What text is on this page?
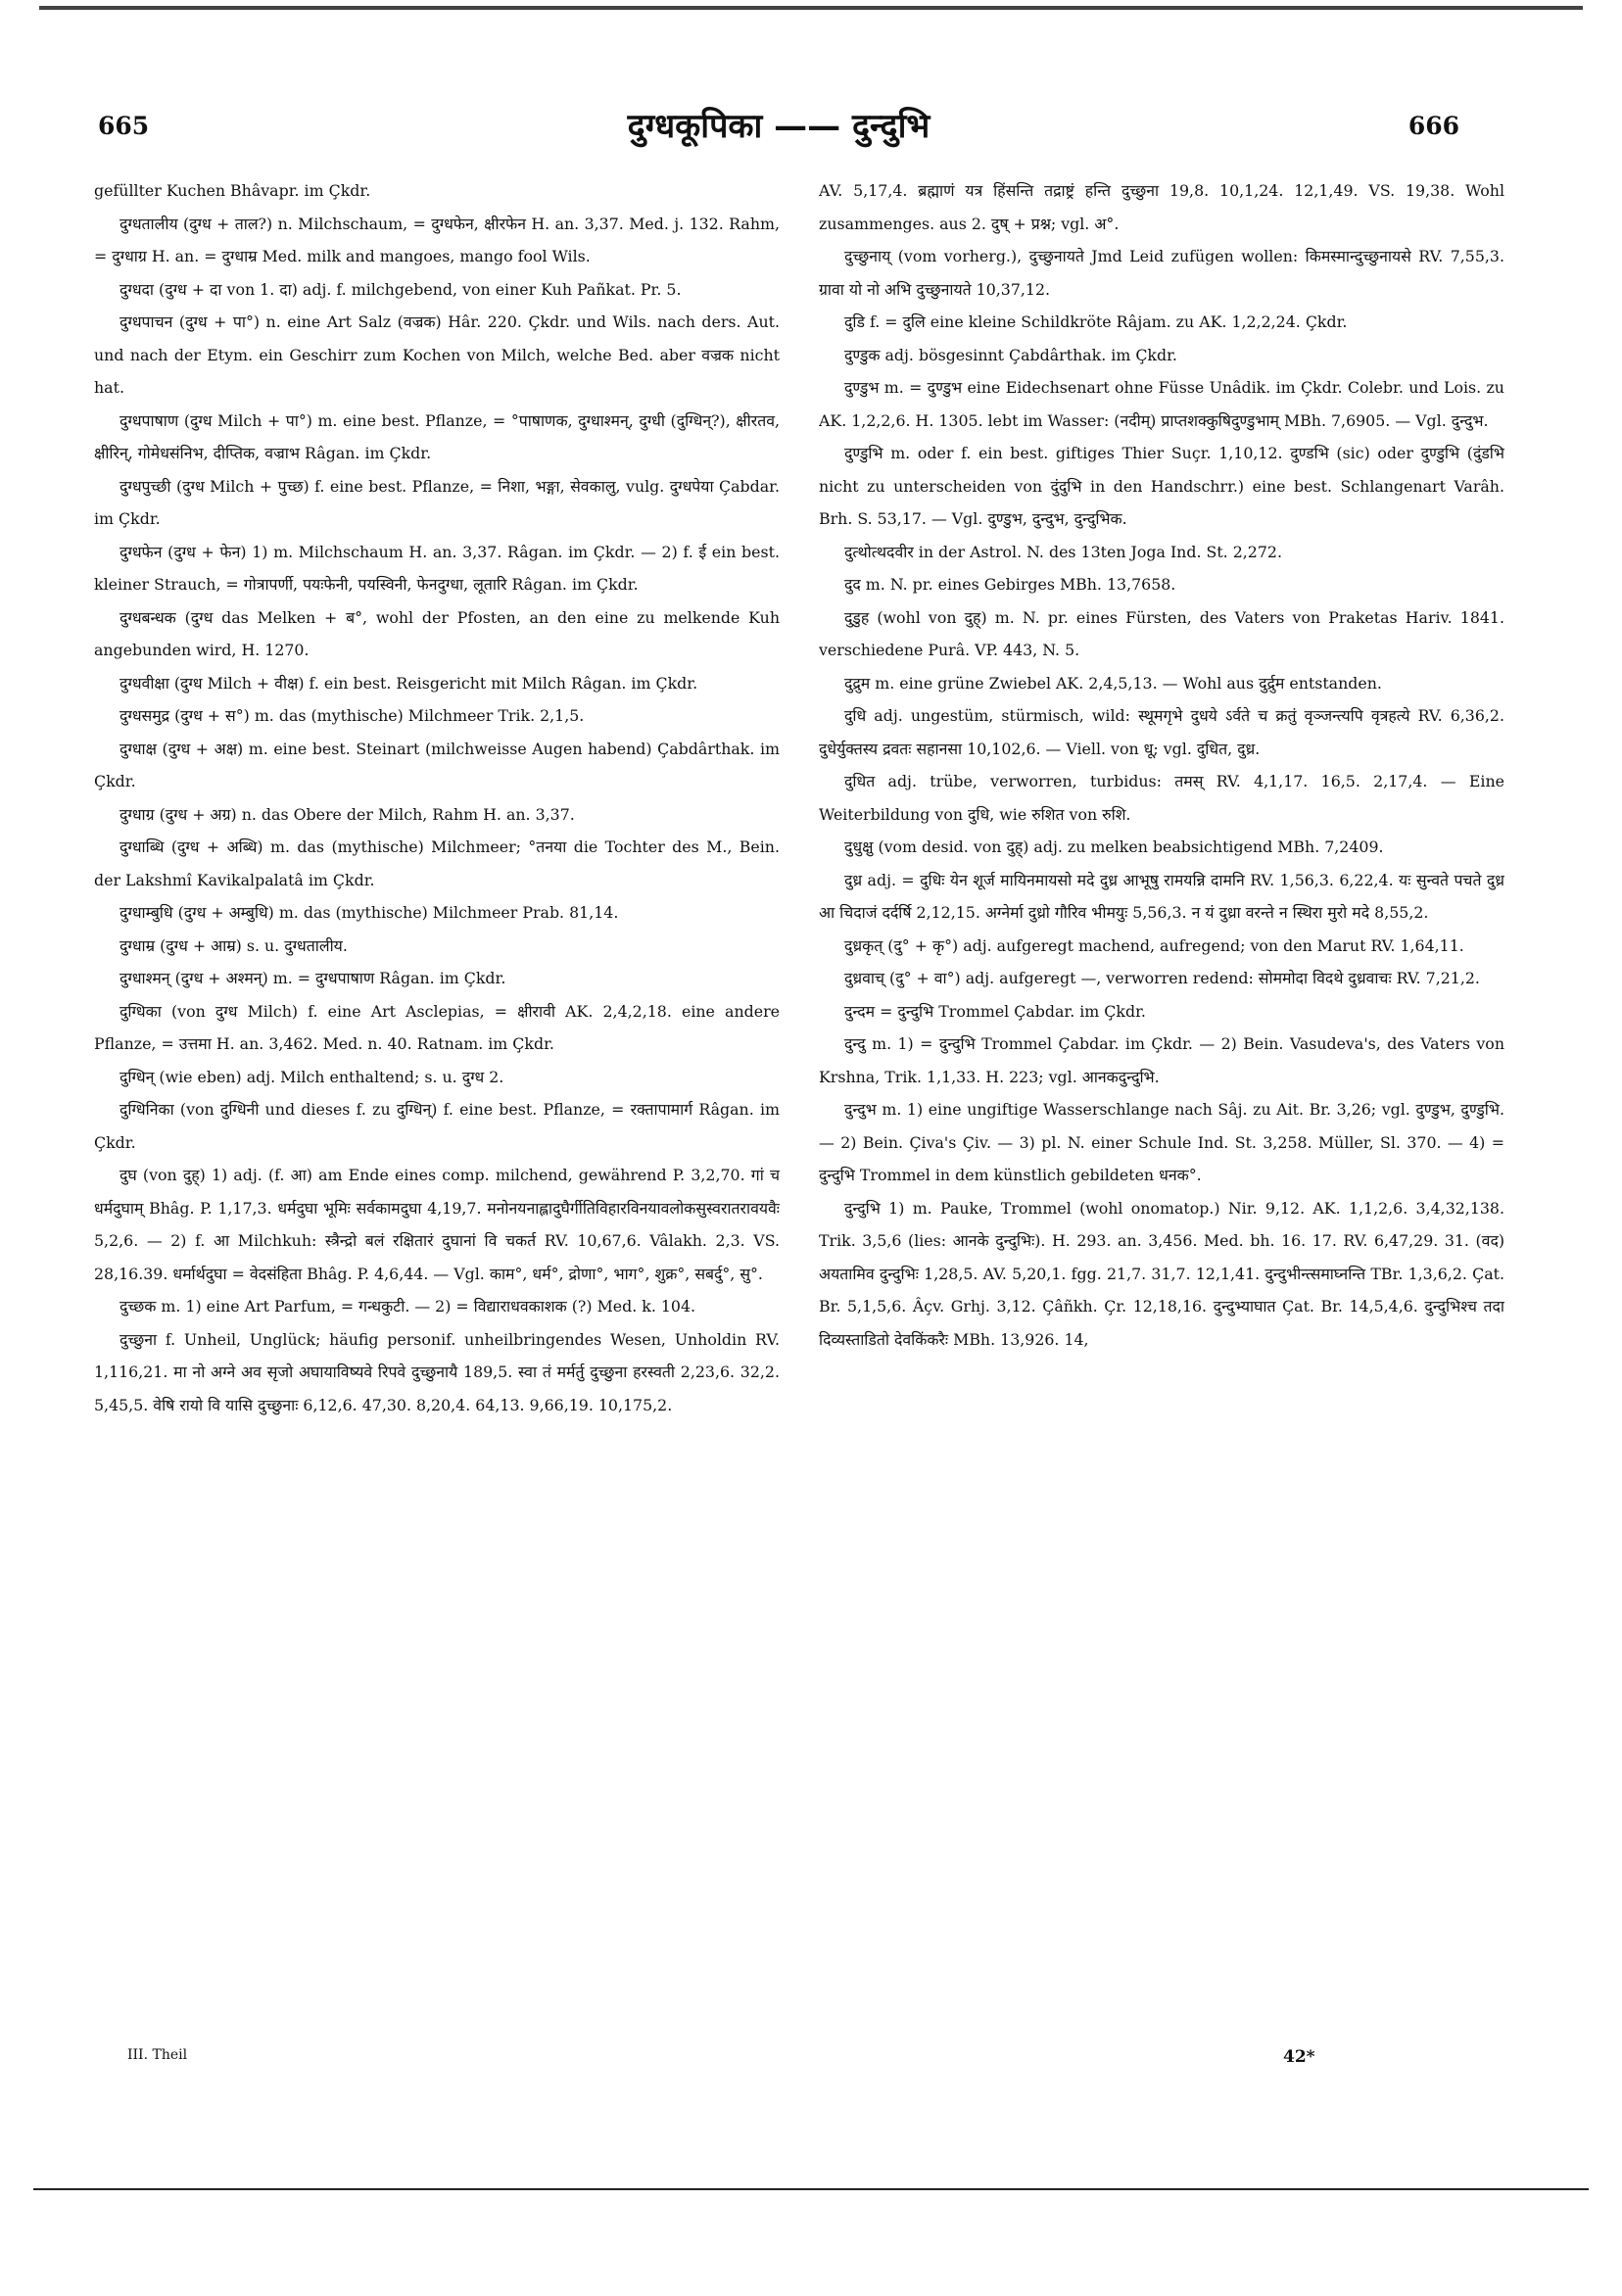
665	दुग्धकूपिका —— दुन्दुभि	666

gefüllter Kuchen Bhâvapr. im Çkdr.

दुग्धतालीय (दुग्ध + ताल?) n. Milchschaum, = दुग्धफेन, क्षीरफेन H. an. 3,37. Med. j. 132. Rahm, = दुग्धाग्र H. an. = दुग्धाम्र Med. milk and mangoes, mango fool Wils.

दुग्धदा (दुग्ध + दा von 1. दा) adj. f. milchgebend, von einer Kuh Pañkat. Pr. 5.

दुग्धपाचन (दुग्ध + पा°) n. eine Art Salz (वज्रक) Hâr. 220. Çkdr. und Wils. nach ders. Aut. und nach der Etym. ein Geschirr zum Kochen von Milch, welche Bed. aber वज्रक nicht hat.

दुग्धपाषाण (दुग्ध Milch + पा°) m. eine best. Pflanze, = °पाषाणक, दुग्धाश्मन्, दुग्धी (दुग्धिन्?), क्षीरतव, क्षीरिन्, गोमेधसंनिभ, दीप्तिक, वज्राभ Râgan. im Çkdr.

दुग्धपुच्छी (दुग्ध Milch + पुच्छ) f. eine best. Pflanze, = निशा, भङ्गा, सेवकालु, vulg. दुग्धपेया Çabdar. im Çkdr.

दुग्धफेन (दुग्ध + फेन) 1) m. Milchschaum H. an. 3,37. Râgan. im Çkdr. — 2) f. ई ein best. kleiner Strauch, = गोत्रापर्णी, पयःफेनी, पयस्विनी, फेनदुग्धा, लूतारि Râgan. im Çkdr.

दुग्धबन्धक (दुग्ध das Melken + ब°, wohl der Pfosten, an den eine zu melkende Kuh angebunden wird, H. 1270.

दुग्धवीक्षा (दुग्ध Milch + वीक्ष) f. ein best. Reisgericht mit Milch Râgan. im Çkdr.

दुग्धसमुद्र (दुग्ध + स°) m. das (mythische) Milchmeer Trik. 2,1,5.

दुग्धाक्ष (दुग्ध + अक्ष) m. eine best. Steinart (milchweisse Augen habend) Çabdârthak. im Çkdr.

दुग्धाग्र (दुग्ध + अग्र) n. das Obere der Milch, Rahm H. an. 3,37.

दुग्धाब्धि (दुग्ध + अब्धि) m. das (mythische) Milchmeer; °तनया die Tochter des M., Bein. der Lakshmî Kavikalpalatâ im Çkdr.

दुग्धाम्बुधि (दुग्ध + अम्बुधि) m. das (mythische) Milchmeer Prab. 81,14.

दुग्धाम्र (दुग्ध + आम्र) s. u. दुग्धतालीय.

दुग्धाश्मन् (दुग्ध + अश्मन्) m. = दुग्धपाषाण Râgan. im Çkdr.

दुग्धिका (von दुग्ध Milch) f. eine Art Asclepias, = क्षीरावी AK. 2,4,2,18. eine andere Pflanze, = उत्तमा H. an. 3,462. Med. n. 40. Ratnam. im Çkdr.

दुग्धिन् (wie eben) adj. Milch enthaltend; s. u. दुग्ध 2.

दुग्धिनिका (von दुग्धिनी und dieses f. zu दुग्धिन्) f. eine best. Pflanze, = रक्तापामार्ग Râgan. im Çkdr.

दुघ (von दुह्) 1) adj. (f. आ) am Ende eines comp. milchend, gewährend P. 3,2,70. गां च धर्मदुघाम् Bhâg. P. 1,17,3. धर्मदुघा भूमिः सर्वकामदुघा 4,19,7. मनोनयनाह्लादुघैर्गीतिविहारविनयावलोकसुस्वरातरावयवैः 5,2,6. — 2) f. आ Milchkuh: स्त्रैन्द्रो बलं रक्षितारं दुघानां वि चकर्त RV. 10,67,6. Vâlakh. 2,3. VS. 28,16.39. धर्मार्थदुघा = वेदसंहिता Bhâg. P. 4,6,44. — Vgl. काम°, धर्म°, द्रोणा°, भाग°, शुक्र°, सबर्दु°, सु°.

दुच्छक m. 1) eine Art Parfum, = गन्धकुटी. — 2) = विद्याराधवकाशक (?) Med. k. 104.

दुच्छुना f. Unheil, Unglück; häufig personif. unheilbringendes Wesen, Unholdin RV. 1,116,21. मा नो अग्ने अव सृजो अघायाविष्यवे रिपवे दुच्छुनायै 189,5. स्वा तं मर्मर्तु दुच्छुना हरस्वती 2,23,6. 32,2. 5,45,5. वेषि रायो वि यासि दुच्छुनाः 6,12,6. 47,30. 8,20,4. 64,13. 9,66,19. 10,175,2.

AV. 5,17,4. ब्रह्माणं यत्र हिंसन्ति तद्राष्ट्रं हन्ति दुच्छुना 19,8. 10,1,24. 12,1,49. VS. 19,38. Wohl zusammenges. aus 2. दुष् + प्रश्न; vgl. अ°.

दुच्छुनाय् (vom vorherg.), दुच्छुनायते Jmd Leid zufügen wollen: किमस्मान्दुच्छुनायसे RV. 7,55,3. ग्रावा यो नो अभि दुच्छुनायते 10,37,12.

दुडि f. = दुलि eine kleine Schildkröte Râjam. zu AK. 1,2,2,24. Çkdr.

दुण्डुक adj. bösgesinnt Çabdârthak. im Çkdr.

दुण्डुभ m. = दुण्डुभ eine Eidechsenart ohne Füsse Unâdik. im Çkdr. Colebr. und Lois. zu AK. 1,2,2,6. H. 1305. lebt im Wasser: (नदीम्) प्राप्तशक्कुषिदुण्डुभाम् MBh. 7,6905. — Vgl. दुन्दुभ.

दुण्डुभि m. oder f. ein best. giftiges Thier Suçr. 1,10,12. दुण्डभि (sic) oder दुण्डुभि (दुंडभि nicht zu unterscheiden von दुंदुभि in den Handschrr.) eine best. Schlangenart Varâh. Brh. S. 53,17. — Vgl. दुण्डुभ, दुन्दुभ, दुन्दुभिक.

दुत्थोत्थदवीर in der Astrol. N. des 13ten Joga Ind. St. 2,272.

दुद m. N. pr. eines Gebirges MBh. 13,7658.

दुडुह (wohl von दुह्) m. N. pr. eines Fürsten, des Vaters von Praketas Hariv. 1841. verschiedene Purâ. VP. 443, N. 5.

दुद्रुम m. eine grüne Zwiebel AK. 2,4,5,13. — Wohl aus दुर्द्रुम entstanden.

दुधि adj. ungestüm, stürmisch, wild: स्थूमगृभे दुधये ऽर्वते च क्रतुं वृञ्जन्त्यपि वृत्रहत्ये RV. 6,36,2. दुधेर्युक्तस्य द्रवतः सहानसा 10,102,6. — Viell. von धू; vgl. दुधित, दुध्र.

दुधित adj. trübe, verworren, turbidus: तमस् RV. 4,1,17. 16,5. 2,17,4. — Eine Weiterbildung von दुधि, wie रुशित von रुशि.

दुधुक्षु (vom desid. von दुह्) adj. zu melken beabsichtigend MBh. 7,2409.

दुध्र adj. = दुधिः येन शूर्ज मायिनमायसो मदे दुध्र आभूषु रामयन्नि दामनि RV. 1,56,3. 6,22,4. यः सुन्वते पचते दुध्र आ चिदाजं दर्दर्षि 2,12,15. अग्नेर्मा दुध्रो गौरिव भीमयुः 5,56,3. न यं दुध्रा वरन्ते न स्थिरा मुरो मदे 8,55,2.

दुध्रकृत् (दु° + कृ°) adj. aufgeregt machend, aufregend; von den Marut RV. 1,64,11.

दुध्रवाच् (दु° + वा°) adj. aufgeregt —, verworren redend: सोममोदा विदथे दुध्रवाचः RV. 7,21,2.

दुन्दम = दुन्दुभि Trommel Çabdar. im Çkdr.

दुन्दु m. 1) = दुन्दुभि Trommel Çabdar. im Çkdr. — 2) Bein. Vasudeva's, des Vaters von Krshna, Trik. 1,1,33. H. 223; vgl. आनकदुन्दुभि.

दुन्दुभ m. 1) eine ungiftige Wasserschlange nach Sâj. zu Ait. Br. 3,26; vgl. दुण्डुभ, दुण्डुभि. — 2) Bein. Çiva's Çiv. — 3) pl. N. einer Schule Ind. St. 3,258. Müller, Sl. 370. — 4) = दुन्दुभि Trommel in dem künstlich gebildeten धनक°.

दुन्दुभि 1) m. Pauke, Trommel (wohl onomatop.) Nir. 9,12. AK. 1,1,2,6. 3,4,32,138. Trik. 3,5,6 (lies: आनके दुन्दुभिः). H. 293. an. 3,456. Med. bh. 16. 17. RV. 6,47,29. 31. (वद) अयतामिव दुन्दुभिः 1,28,5. AV. 5,20,1. fgg. 21,7. 31,7. 12,1,41. दुन्दुभीन्त्समाघ्नन्ति TBr. 1,3,6,2. Çat. Br. 5,1,5,6. Âçv. Grhj. 3,12. Çâñkh. Çr. 12,18,16. दुन्दुभ्याघात Çat. Br. 14,5,4,6. दुन्दुभिश्च तदा दिव्यस्ताडितो देवकिंकरैः MBh. 13,926. 14,

III. Theil	42*
